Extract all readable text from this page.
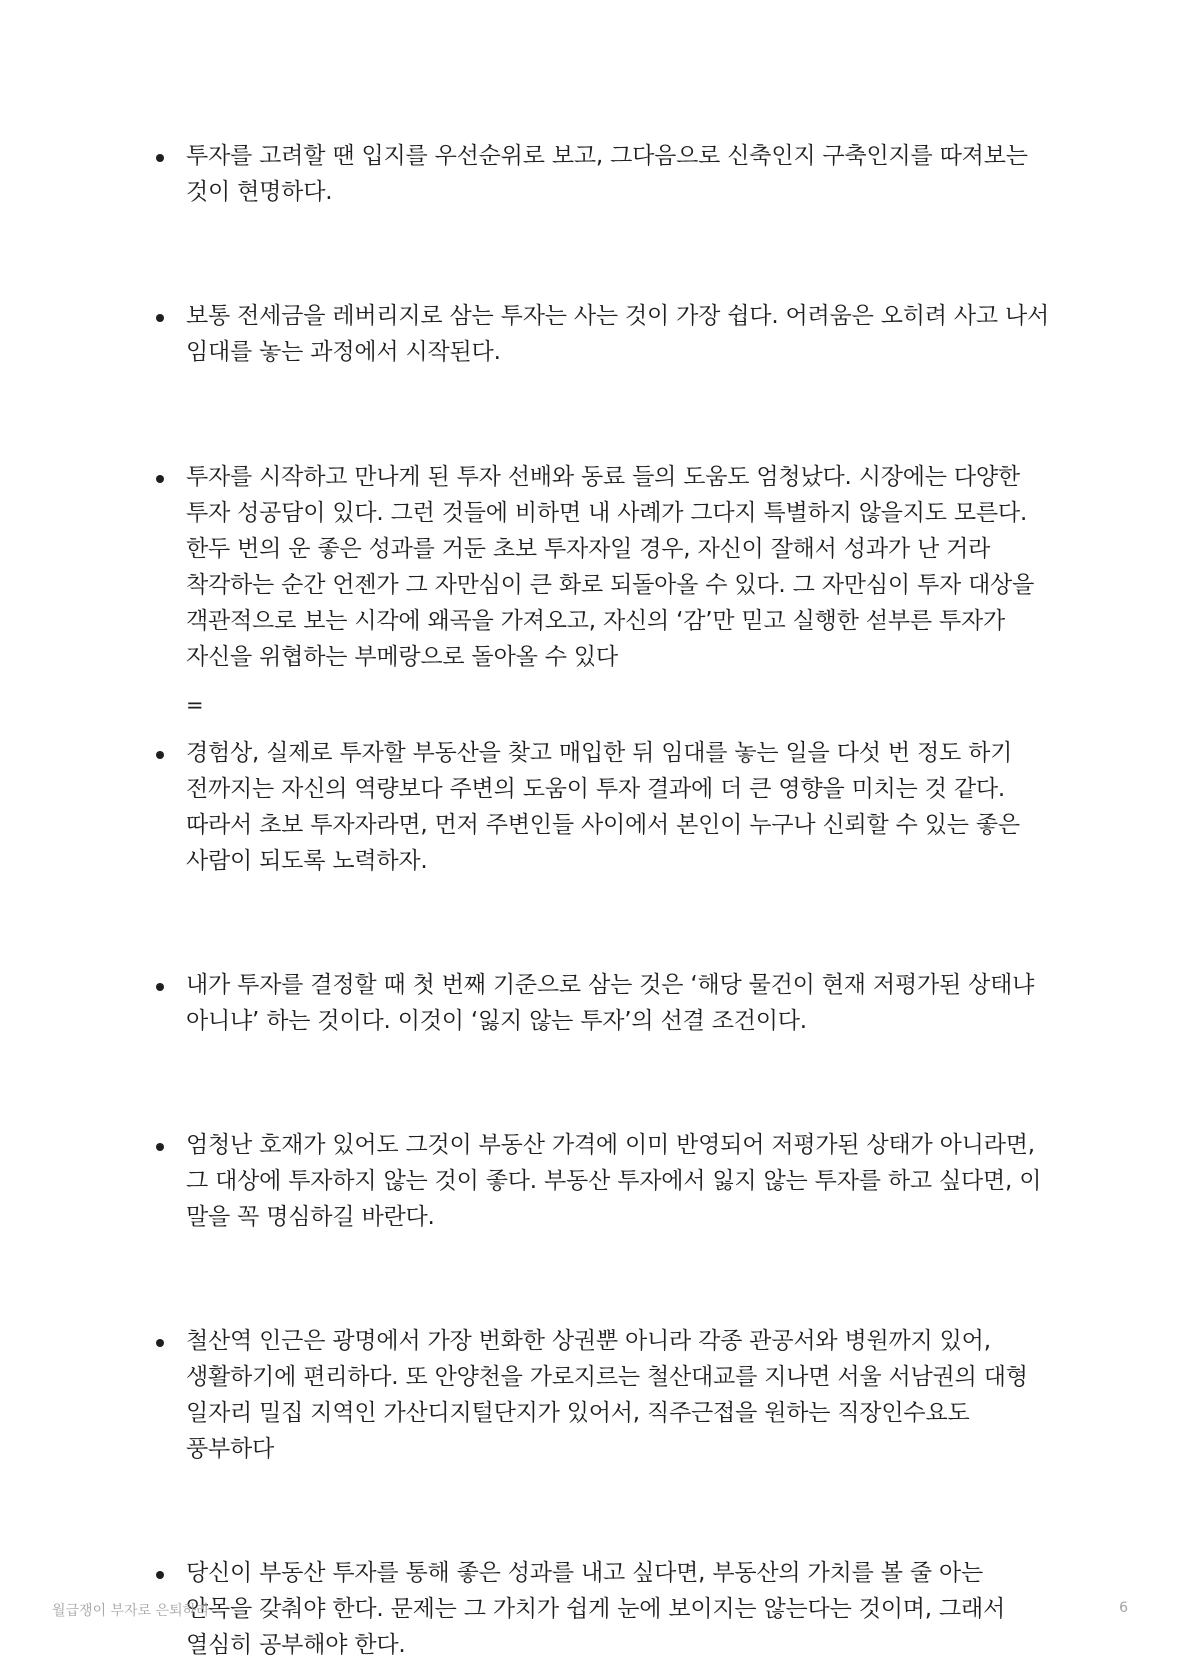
투자를 고려할 땐 입지를 우선순위로 보고, 그다음으로 신축인지 구축인지를 따져보는 것이 현명하다.
보통 전세금을 레버리지로 삼는 투자는 사는 것이 가장 쉽다. 어려움은 오히려 사고 나서 임대를 놓는 과정에서 시작된다.
투자를 시작하고 만나게 된 투자 선배와 동료 들의 도움도 엄청났다. 시장에는 다양한 투자 성공담이 있다. 그런 것들에 비하면 내 사례가 그다지 특별하지 않을지도 모른다. 한두 번의 운 좋은 성과를 거둔 초보 투자자일 경우, 자신이 잘해서 성과가 난 거라 착각하는 순간 언젠가 그 자만심이 큰 화로 되돌아올 수 있다. 그 자만심이 투자 대상을 객관적으로 보는 시각에 왜곡을 가져오고, 자신의 ‘감’만 믿고 실행한 섣부른 투자가 자신을 위협하는 부메랑으로 돌아올 수 있다
=
경험상, 실제로 투자할 부동산을 찾고 매입한 뒤 임대를 놓는 일을 다섯 번 정도 하기 전까지는 자신의 역량보다 주변의 도움이 투자 결과에 더 큰 영향을 미치는 것 같다. 따라서 초보 투자자라면, 먼저 주변인들 사이에서 본인이 누구나 신뢰할 수 있는 좋은 사람이 되도록 노력하자.
내가 투자를 결정할 때 첫 번째 기준으로 삼는 것은 ‘해당 물건이 현재 저평가된 상태냐 아니냐’ 하는 것이다. 이것이 ‘잃지 않는 투자’의 선결 조건이다.
엄청난 호재가 있어도 그것이 부동산 가격에 이미 반영되어 저평가된 상태가 아니라면, 그 대상에 투자하지 않는 것이 좋다. 부동산 투자에서 잃지 않는 투자를 하고 싶다면, 이 말을 꼭 명심하길 바란다.
철산역 인근은 광명에서 가장 번화한 상권뿐 아니라 각종 관공서와 병원까지 있어, 생활하기에 편리하다. 또 안양천을 가로지르는 철산대교를 지나면 서울 서남권의 대형 일자리 밀집 지역인 가산디지털단지가 있어서, 직주근접을 원하는 직장인수요도 풍부하다
당신이 부동산 투자를 통해 좋은 성과를 내고 싶다면, 부동산의 가치를 볼 줄 아는 안목을 갖춰야 한다. 문제는 그 가치가 쉽게 눈에 보이지는 않는다는 것이며, 그래서 열심히 공부해야 한다.
월급쟁이 부자로 은퇴하라	6
